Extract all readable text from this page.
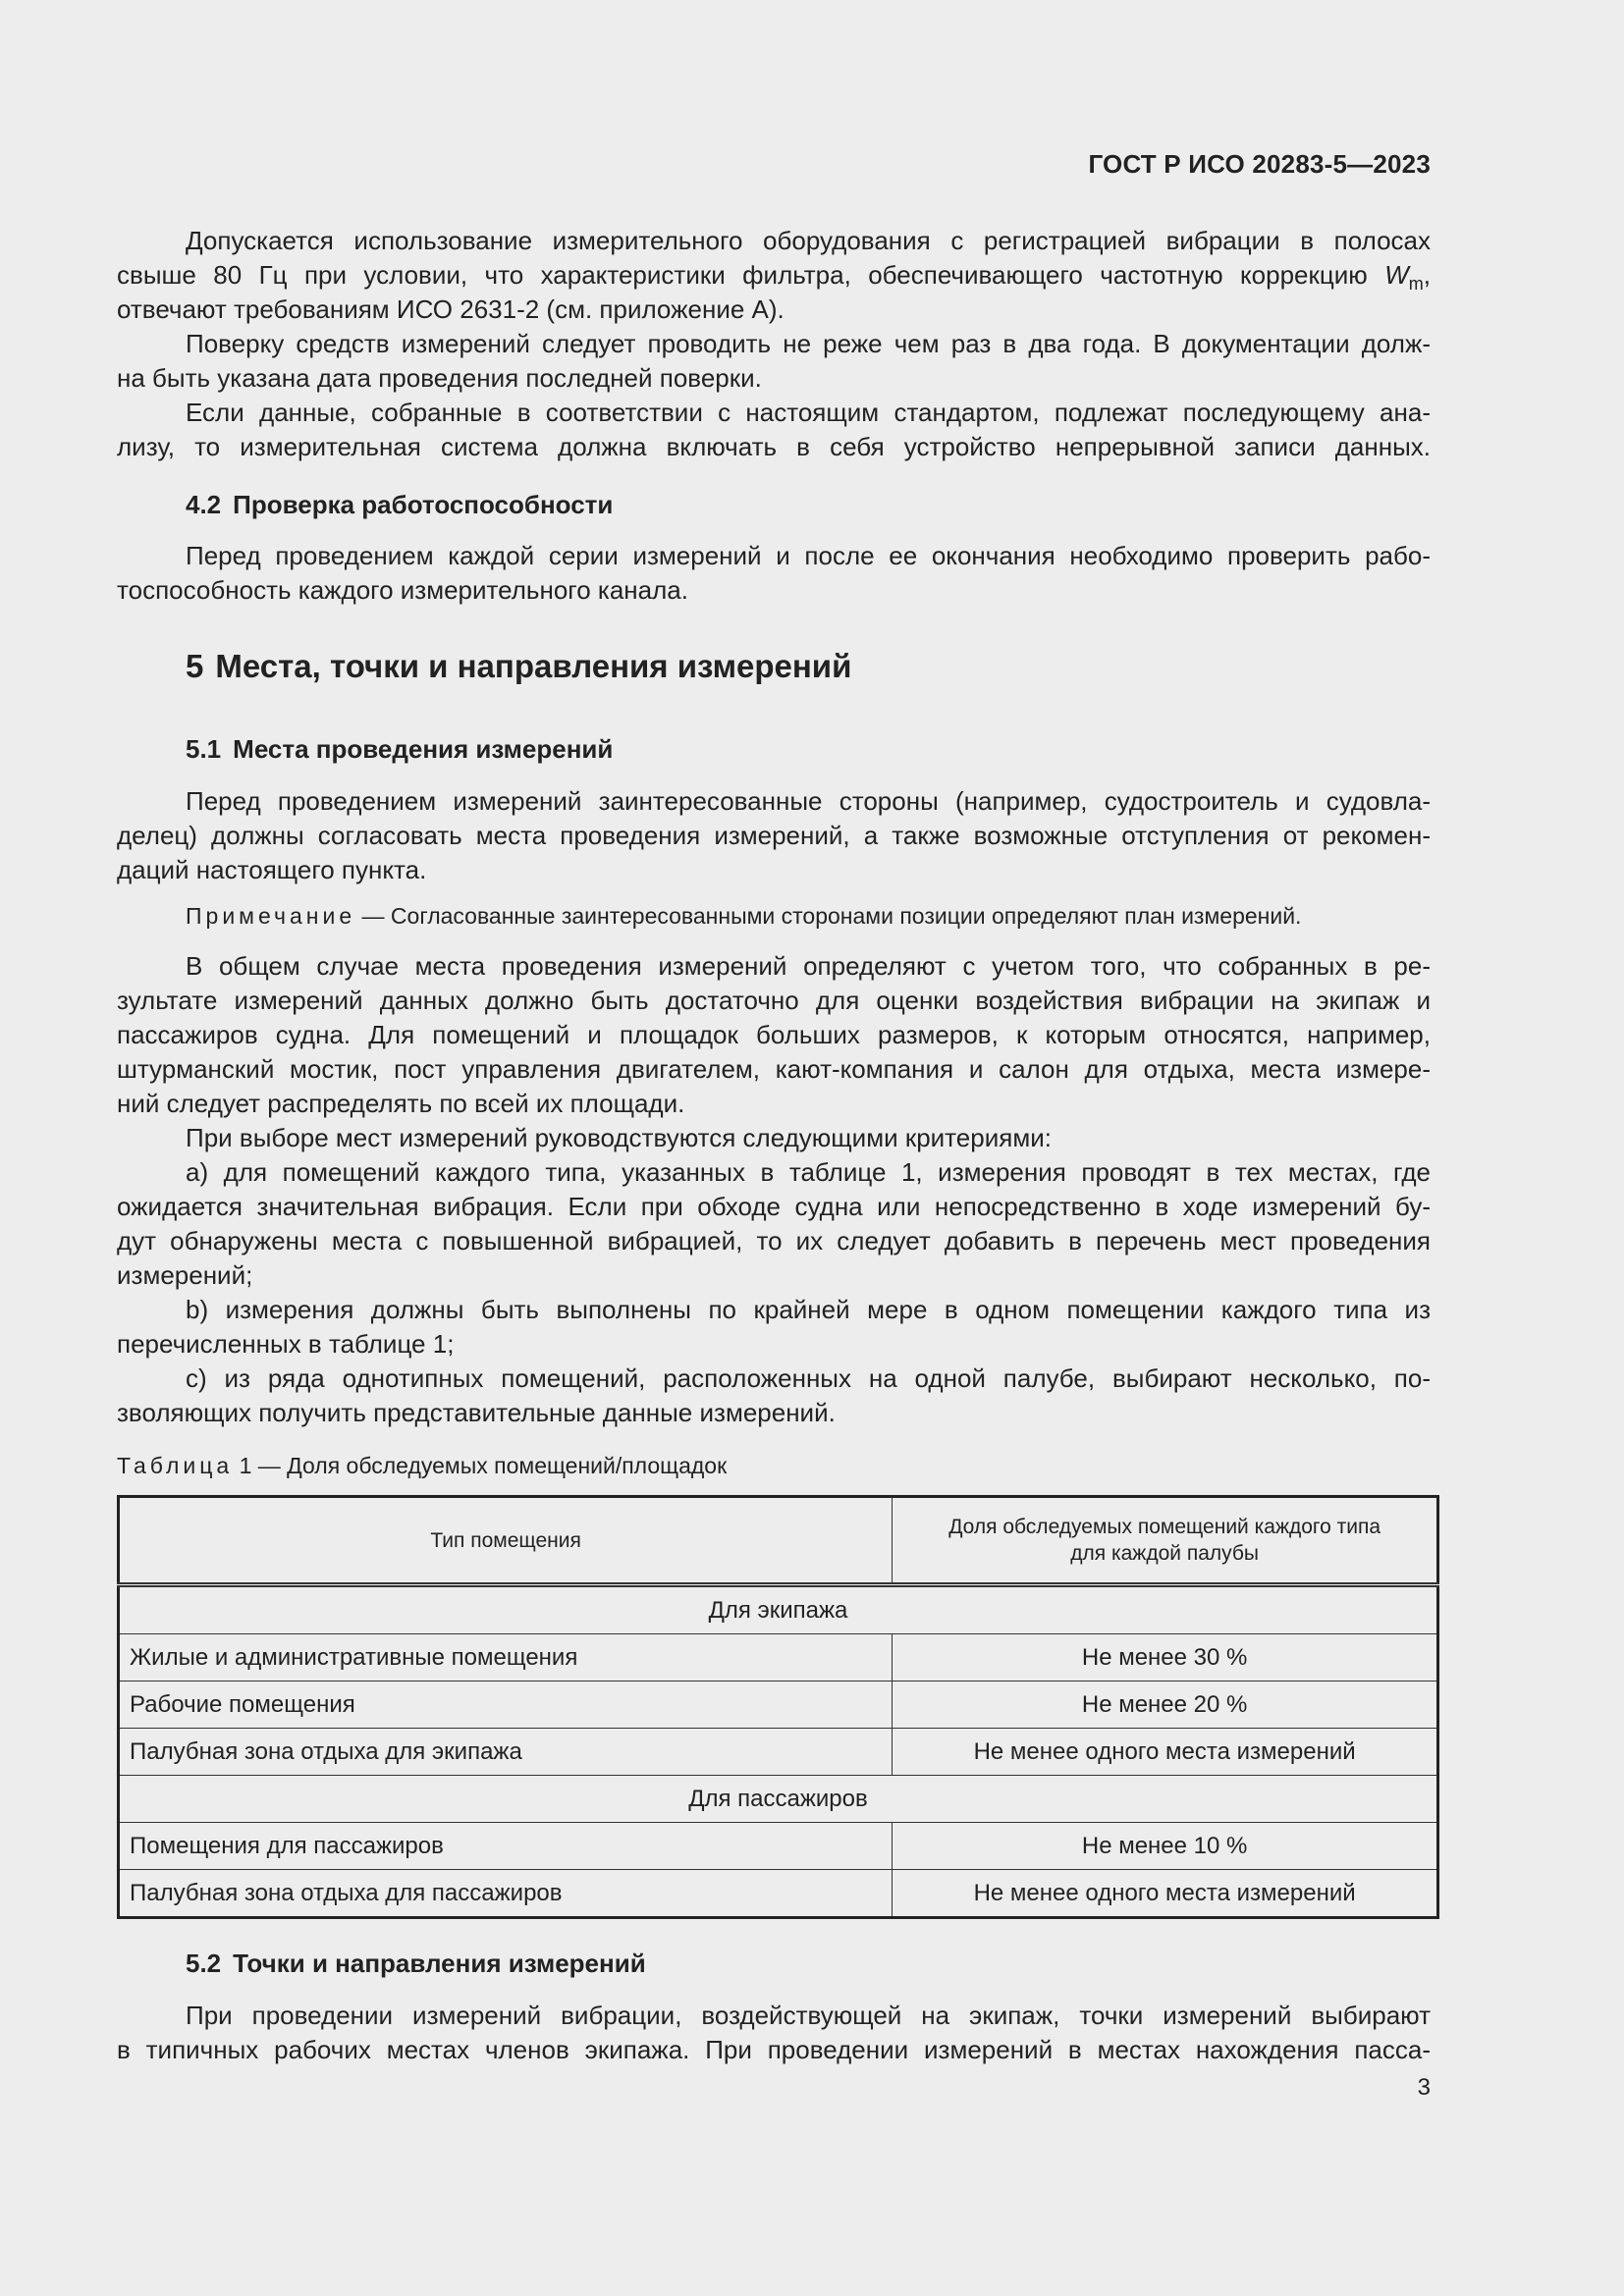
ГОСТ Р ИСО 20283-5—2023
Допускается использование измерительного оборудования с регистрацией вибрации в полосах
свыше 80 Гц при условии, что характеристики фильтра, обеспечивающего частотную коррекцию $W_m$,
отвечают требованиям ИСО 2631-2 (см. приложение А).
Поверку средств измерений следует проводить не реже чем раз в два года. В документации долж-
на быть указана дата проведения последней поверки.
Если данные, собранные в соответствии с настоящим стандартом, подлежат последующему ана-
лизу, то измерительная система должна включать в себя устройство непрерывной записи данных.
4.2 Проверка работоспособности
Перед проведением каждой серии измерений и после ее окончания необходимо проверить рабо-
тоспособность каждого измерительного канала.
5 Места, точки и направления измерений
5.1 Места проведения измерений
Перед проведением измерений заинтересованные стороны (например, судостроитель и судовла-
делец) должны согласовать места проведения измерений, а также возможные отступления от рекомен-
даций настоящего пункта.
Примечание — Согласованные заинтересованными сторонами позиции определяют план измерений.
В общем случае места проведения измерений определяют с учетом того, что собранных в ре-
зультате измерений данных должно быть достаточно для оценки воздействия вибрации на экипаж и
пассажиров судна. Для помещений и площадок больших размеров, к которым относятся, например,
штурманский мостик, пост управления двигателем, кают-компания и салон для отдыха, места измере-
ний следует распределять по всей их площади.
При выборе мест измерений руководствуются следующими критериями:
a) для помещений каждого типа, указанных в таблице 1, измерения проводят в тех местах, где
ожидается значительная вибрация. Если при обходе судна или непосредственно в ходе измерений бу-
дут обнаружены места с повышенной вибрацией, то их следует добавить в перечень мест проведения
измерений;
b) измерения должны быть выполнены по крайней мере в одном помещении каждого типа из
перечисленных в таблице 1;
c) из ряда однотипных помещений, расположенных на одной палубе, выбирают несколько, по-
зволяющих получить представительные данные измерений.
Таблица 1 — Доля обследуемых помещений/площадок
Тип помещения	Доля обследуемых помещений каждого типа
для каждой палубы

Для экипажа	
Жилые и административные помещения	Не менее 30 %
Рабочие помещения	Не менее 20 %
Палубная зона отдыха для экипажа	Не менее одного места измерений
Для пассажиров	
Помещения для пассажиров	Не менее 10 %
Палубная зона отдыха для пассажиров	Не менее одного места измерений
5.2 Точки и направления измерений
При проведении измерений вибрации, воздействующей на экипаж, точки измерений выбирают
в типичных рабочих местах членов экипажа. При проведении измерений в местах нахождения пасса-
3
